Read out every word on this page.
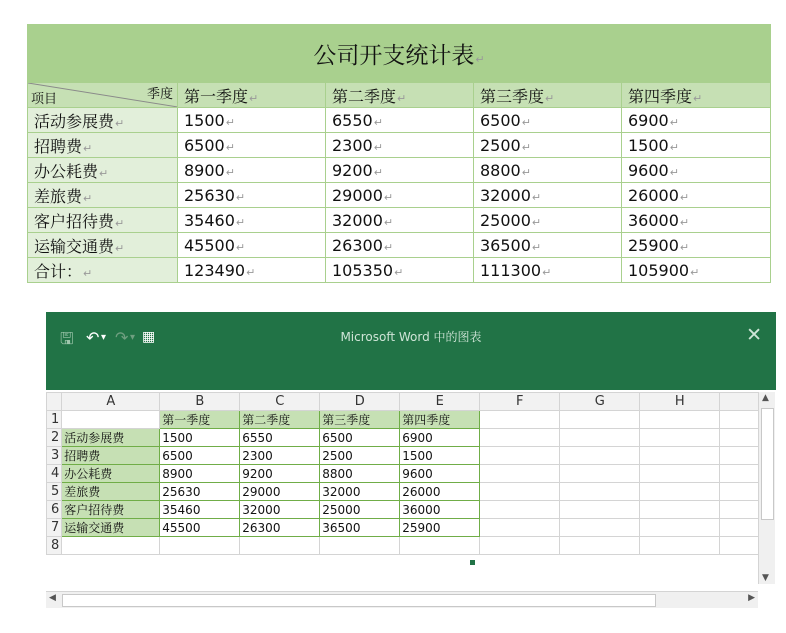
公司开支统计表↵				

季度
项目	第一季度↵	第二季度↵	第三季度↵	第四季度↵
活动参展费↵	1500↵	6550↵	6500↵	6900↵
招聘费↵	6500↵	2300↵	2500↵	1500↵
办公耗费↵	8900↵	9200↵	8800↵	9600↵
差旅费↵	25630↵	29000↵	32000↵	26000↵
客户招待费↵	35460↵	32000↵	25000↵	36000↵
运输交通费↵	45500↵	26300↵	36500↵	25900↵
合计：↵	123490↵	105350↵	111300↵	105900↵
🖫 ↶ ▾ ↷ ▾ ▦	Microsoft Word 中的图表	✕
	A	B	C	D	E	F	G	H	
1		第一季度	第二季度	第三季度	第四季度				
2	活动参展费	1500	6550	6500	6900				
3	招聘费	6500	2300	2500	1500				
4	办公耗费	8900	9200	8800	9600				
5	差旅费	25630	29000	32000	26000				
6	客户招待费	35460	32000	25000	36000				
7	运输交通费	45500	26300	36500	25900				
8									
▲
▼
◀	▶
